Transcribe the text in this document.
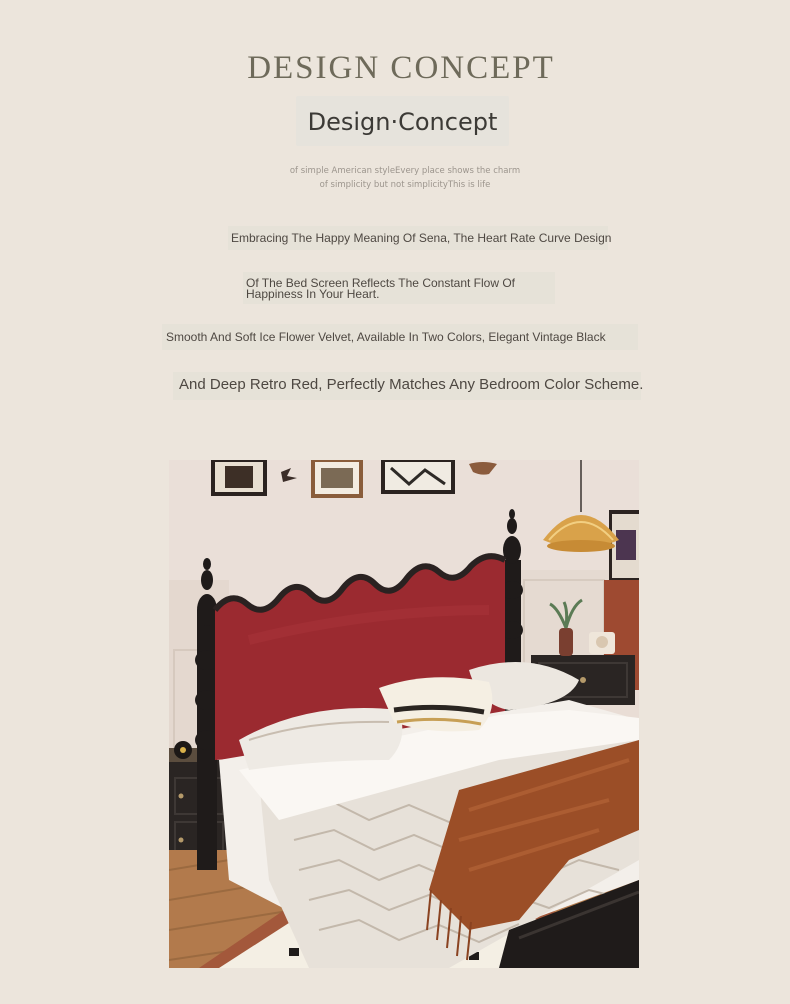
DESIGN CONCEPT
Design·Concept
of simple American styleEvery place shows the charm
of simplicity but not simplicityThis is life
Embracing The Happy Meaning Of Sena, The Heart Rate Curve Design
Of The Bed Screen Reflects The Constant Flow Of
Happiness In Your Heart.
Smooth And Soft Ice Flower Velvet, Available In Two Colors, Elegant Vintage Black
And Deep Retro Red, Perfectly Matches Any Bedroom Color Scheme.
